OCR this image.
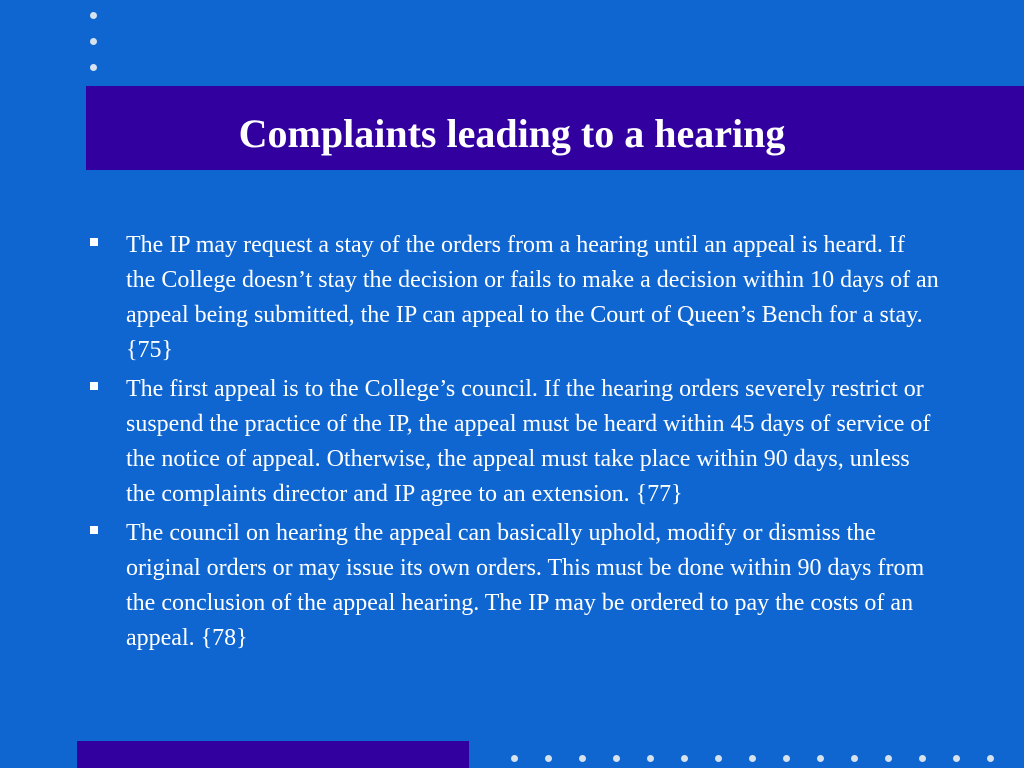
Complaints leading to a hearing
The IP may request a stay of the orders from a hearing until an appeal is heard. If the College doesn’t stay the decision or fails to make a decision within 10 days of an appeal being submitted, the IP can appeal to the Court of Queen’s Bench for a stay. {75}
The first appeal is to the College’s council. If the hearing orders severely restrict or suspend the practice of the IP, the appeal must be heard within 45 days of service of the notice of appeal. Otherwise, the appeal must take place within 90 days, unless the complaints director and IP agree to an extension. {77}
The council on hearing the appeal can basically uphold, modify or dismiss the original orders or may issue its own orders. This must be done within 90 days from the conclusion of the appeal hearing. The IP may be ordered to pay the costs of an appeal. {78}
